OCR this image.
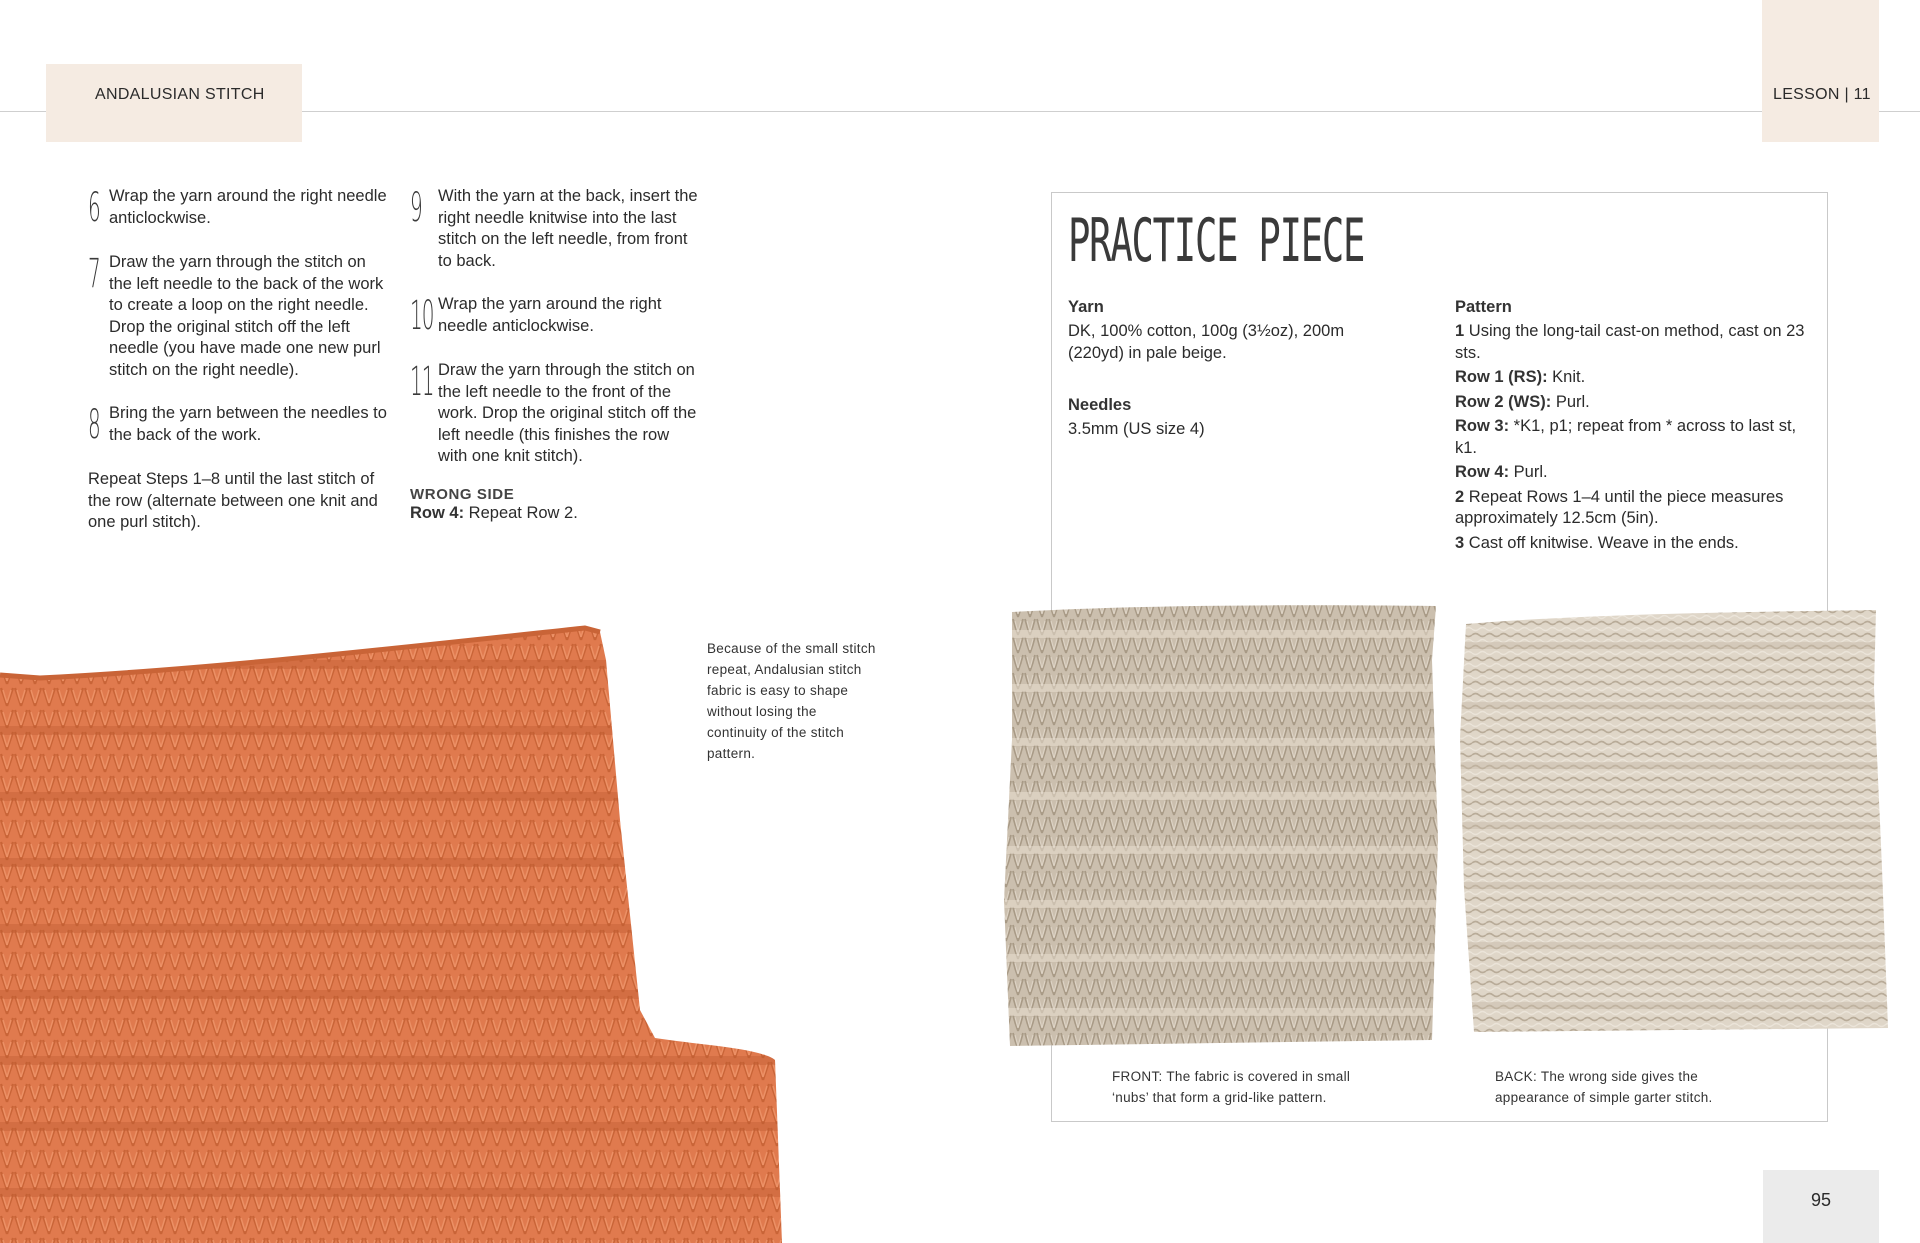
ANDALUSIAN STITCH	LESSON | 11
6 Wrap the yarn around the right needle anticlockwise.
7 Draw the yarn through the stitch on the left needle to the back of the work to create a loop on the right needle. Drop the original stitch off the left needle (you have made one new purl stitch on the right needle).
8 Bring the yarn between the needles to the back of the work.
Repeat Steps 1–8 until the last stitch of the row (alternate between one knit and one purl stitch).
9 With the yarn at the back, insert the right needle knitwise into the last stitch on the left needle, from front to back.
10 Wrap the yarn around the right needle anticlockwise.
11 Draw the yarn through the stitch on the left needle to the front of the work. Drop the original stitch off the left needle (this finishes the row with one knit stitch).
WRONG SIDE
Row 4: Repeat Row 2.
Because of the small stitch repeat, Andalusian stitch fabric is easy to shape without losing the continuity of the stitch pattern.
PRACTICE PIECE
Yarn
DK, 100% cotton, 100g (3½oz), 200m (220yd) in pale beige.
Needles
3.5mm (US size 4)
Pattern
1 Using the long-tail cast-on method, cast on 23 sts.
Row 1 (RS): Knit.
Row 2 (WS): Purl.
Row 3: *K1, p1; repeat from * across to last st, k1.
Row 4: Purl.
2 Repeat Rows 1–4 until the piece measures approximately 12.5cm (5in).
3 Cast off knitwise. Weave in the ends.
FRONT: The fabric is covered in small ‘nubs’ that form a grid-like pattern.
BACK: The wrong side gives the appearance of simple garter stitch.
95
